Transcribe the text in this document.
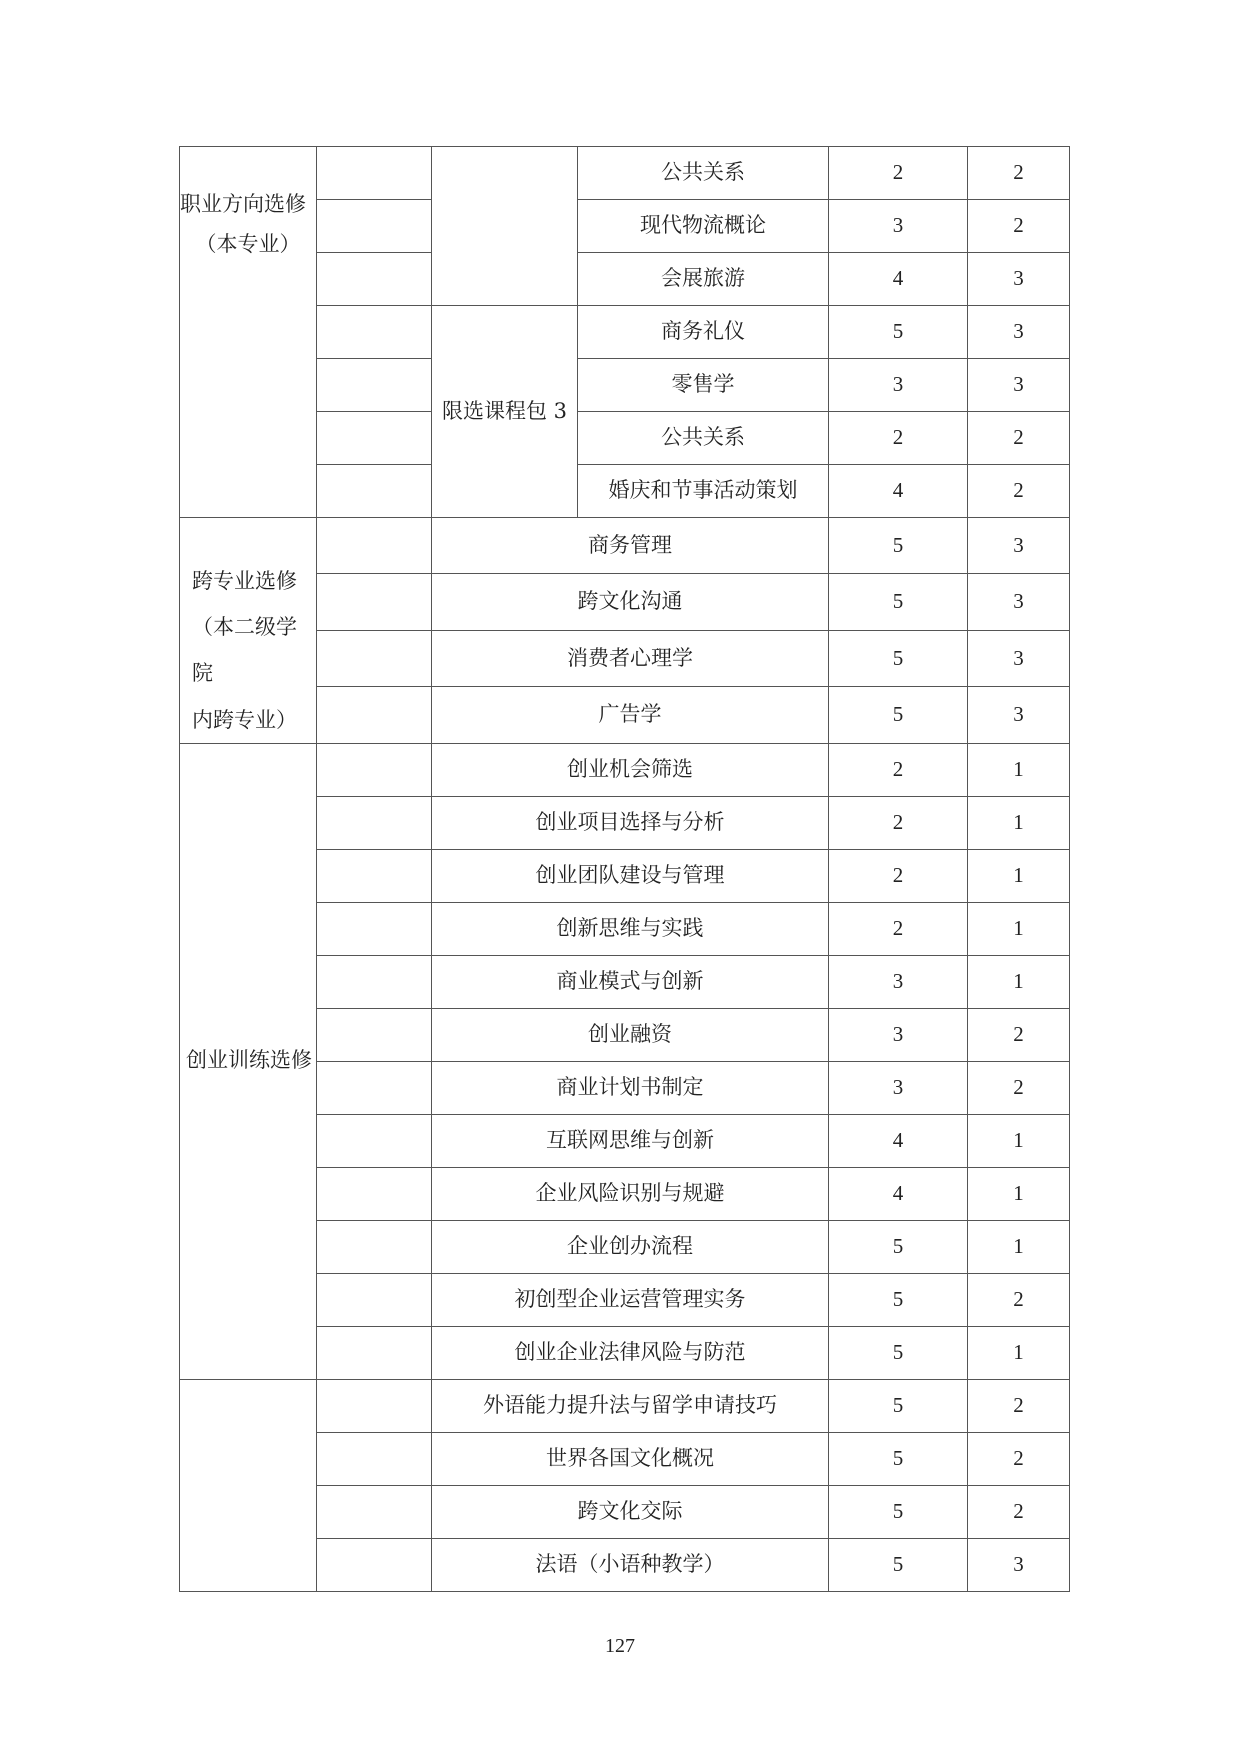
职业方向选修
（本专业）			公共关系	2	2
			现代物流概论	3	2
			会展旅游	4	3
		限选课程包 3	商务礼仪	5	3
			零售学	3	3
			公共关系	2	2
			婚庆和节事活动策划	4	2

跨专业选修
（本二级学院
内跨专业）		商务管理		5	3
		跨文化沟通		5	3
		消费者心理学		5	3
		广告学		5	3
创业训练选修		创业机会筛选		2	1
		创业项目选择与分析		2	1
		创业团队建设与管理		2	1
		创新思维与实践		2	1
		商业模式与创新		3	1
		创业融资		3	2
		商业计划书制定		3	2
		互联网思维与创新		4	1
		企业风险识别与规避		4	1
		企业创办流程		5	1
		初创型企业运营管理实务		5	2
		创业企业法律风险与防范		5	1
		外语能力提升法与留学申请技巧		5	2
		世界各国文化概况		5	2
		跨文化交际		5	2
		法语（小语种教学）		5	3
127
